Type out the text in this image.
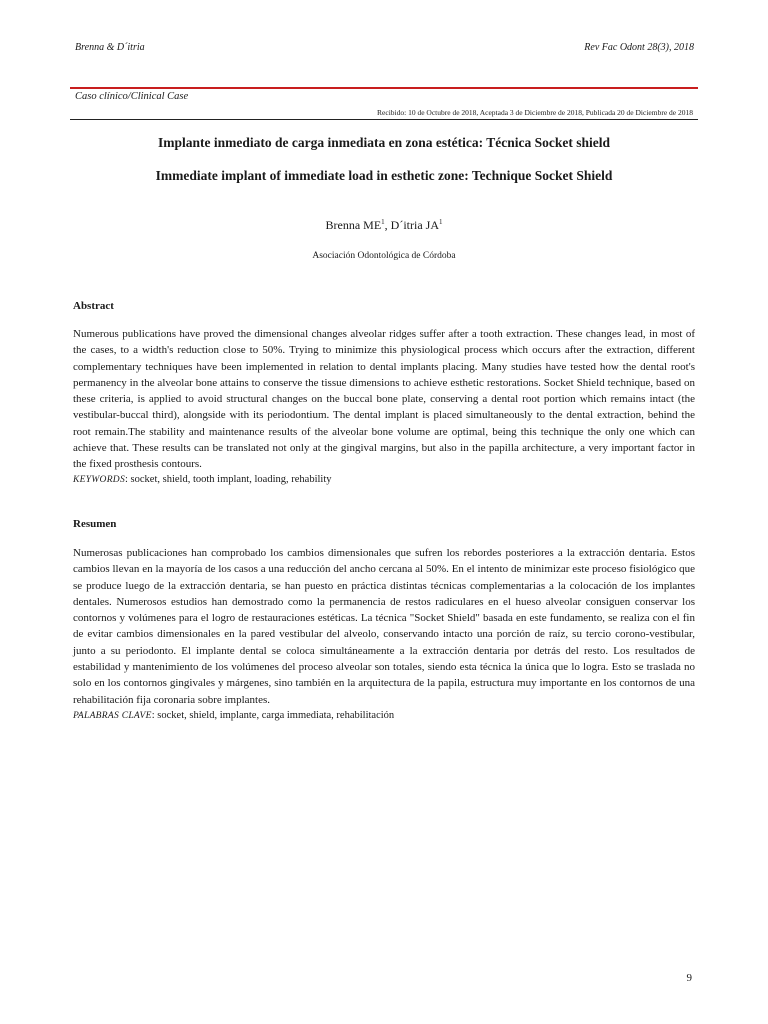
Brenna & D´itria	Rev Fac Odont 28(3), 2018
Caso clínico/Clinical Case
Recibido: 10 de Octubre de 2018, Aceptada 3 de Diciembre de 2018, Publicada 20 de Diciembre de 2018
Implante inmediato de carga inmediata en zona estética: Técnica Socket shield
Immediate implant of immediate load in esthetic zone: Technique Socket Shield
Brenna $ME^1$, D´itria $JA^1$
Asociación Odontológica de Córdoba
Abstract
Numerous publications have proved the dimensional changes alveolar ridges suffer after a tooth extraction. These changes lead, in most of the cases, to a width's reduction close to 50%. Trying to minimize this physiological process which occurs after the extraction, different complementary techniques have been implemented in relation to dental implants placing. Many studies have tested how the dental root's permanency in the alveolar bone attains to conserve the tissue dimensions to achieve esthetic restorations. Socket Shield technique, based on these criteria, is applied to avoid structural changes on the buccal bone plate, conserving a dental root portion which remains intact (the vestibular-buccal third), alongside with its periodontium. The dental implant is placed simultaneously to the dental extraction, behind the root remain.The stability and maintenance results of the alveolar bone volume are optimal, being this technique the only one which can achieve that. These results can be translated not only at the gingival margins, but also in the papilla architecture, a very important factor in the fixed prosthesis contours.
KEYWORDS: socket, shield, tooth implant, loading, rehability
Resumen
Numerosas publicaciones han comprobado los cambios dimensionales que sufren los rebordes posteriores a la extracción dentaria. Estos cambios llevan en la mayoría de los casos a una reducción del ancho cercana al 50%. En el intento de minimizar este proceso fisiológico que se produce luego de la extracción dentaria, se han puesto en práctica distintas técnicas complementarias a la colocación de los implantes dentales. Numerosos estudios han demostrado como la permanencia de restos radiculares en el hueso alveolar consiguen conservar los contornos y volúmenes para el logro de restauraciones estéticas. La técnica "Socket Shield" basada en este fundamento, se realiza con el fin de evitar cambios dimensionales en la pared vestibular del alveolo, conservando intacto una porción de raíz, su tercio corono-vestibular, junto a su periodonto. El implante dental se coloca simultáneamente a la extracción dentaria por detrás del resto. Los resultados de estabilidad y mantenimiento de los volúmenes del proceso alveolar son totales, siendo esta técnica la única que lo logra. Esto se traslada no solo en los contornos gingivales y márgenes, sino también en la arquitectura de la papila, estructura muy importante en los contornos de una rehabilitación fija coronaria sobre implantes.
PALABRAS CLAVE: socket, shield, implante, carga immediata, rehabilitación
9
